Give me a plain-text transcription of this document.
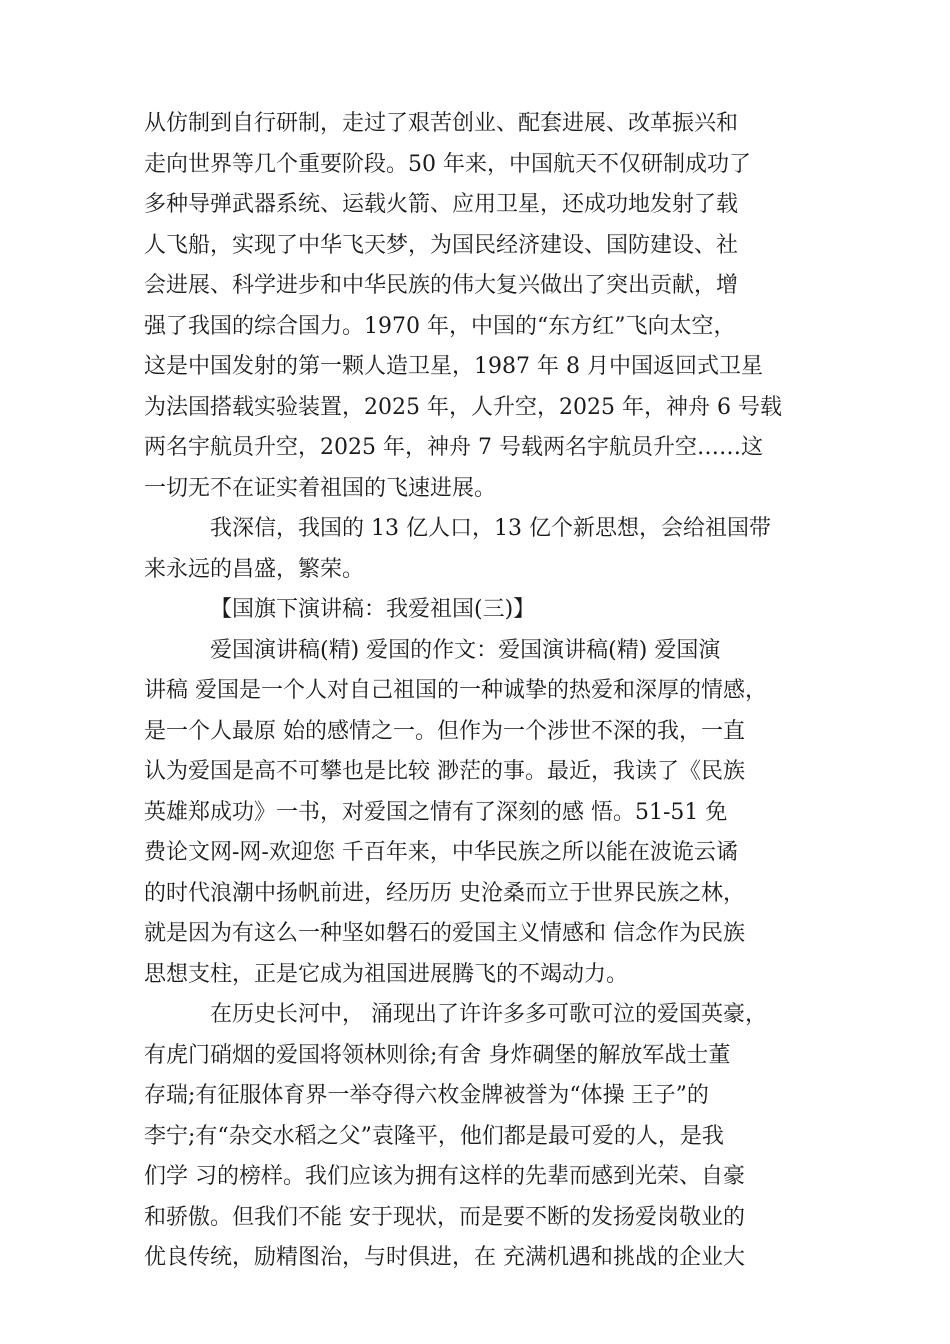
从仿制到自行研制，走过了艰苦创业、配套进展、改革振兴和
走向世界等几个重要阶段。50 年来，中国航天不仅研制成功了
多种导弹武器系统、运载火箭、应用卫星，还成功地发射了载
人飞船，实现了中华飞天梦，为国民经济建设、国防建设、社
会进展、科学进步和中华民族的伟大复兴做出了突出贡献，增
强了我国的综合国力。1970 年，中国的“东方红”飞向太空，
这是中国发射的第一颗人造卫星，1987 年 8 月中国返回式卫星
为法国搭载实验装置，2025 年，人升空，2025 年，神舟 6 号载
两名宇航员升空，2025 年，神舟 7 号载两名宇航员升空……这
一切无不在证实着祖国的飞速进展。
我深信，我国的 13 亿人口，13 亿个新思想，会给祖国带
来永远的昌盛，繁荣。
【国旗下演讲稿：我爱祖国(三)】
爱国演讲稿(精) 爱国的作文：爱国演讲稿(精) 爱国演
讲稿 爱国是一个人对自己祖国的一种诚挚的热爱和深厚的情感，
是一个人最原 始的感情之一。但作为一个涉世不深的我，一直
认为爱国是高不可攀也是比较 渺茫的事。最近，我读了《民族
英雄郑成功》一书，对爱国之情有了深刻的感 悟。51-51 免
费论文网-网-欢迎您 千百年来，中华民族之所以能在波诡云谲
的时代浪潮中扬帆前进，经历历 史沧桑而立于世界民族之林，
就是因为有这么一种坚如磐石的爱国主义情感和 信念作为民族
思想支柱，正是它成为祖国进展腾飞的不竭动力。
在历史长河中， 涌现出了许许多多可歌可泣的爱国英豪，
有虎门硝烟的爱国将领林则徐;有舍 身炸碉堡的解放军战士董
存瑞;有征服体育界一举夺得六枚金牌被誉为“体操 王子”的
李宁;有“杂交水稻之父”袁隆平，他们都是最可爱的人，是我
们学 习的榜样。我们应该为拥有这样的先辈而感到光荣、自豪
和骄傲。但我们不能 安于现状，而是要不断的发扬爱岗敬业的
优良传统，励精图治，与时俱进，在 充满机遇和挑战的企业大
